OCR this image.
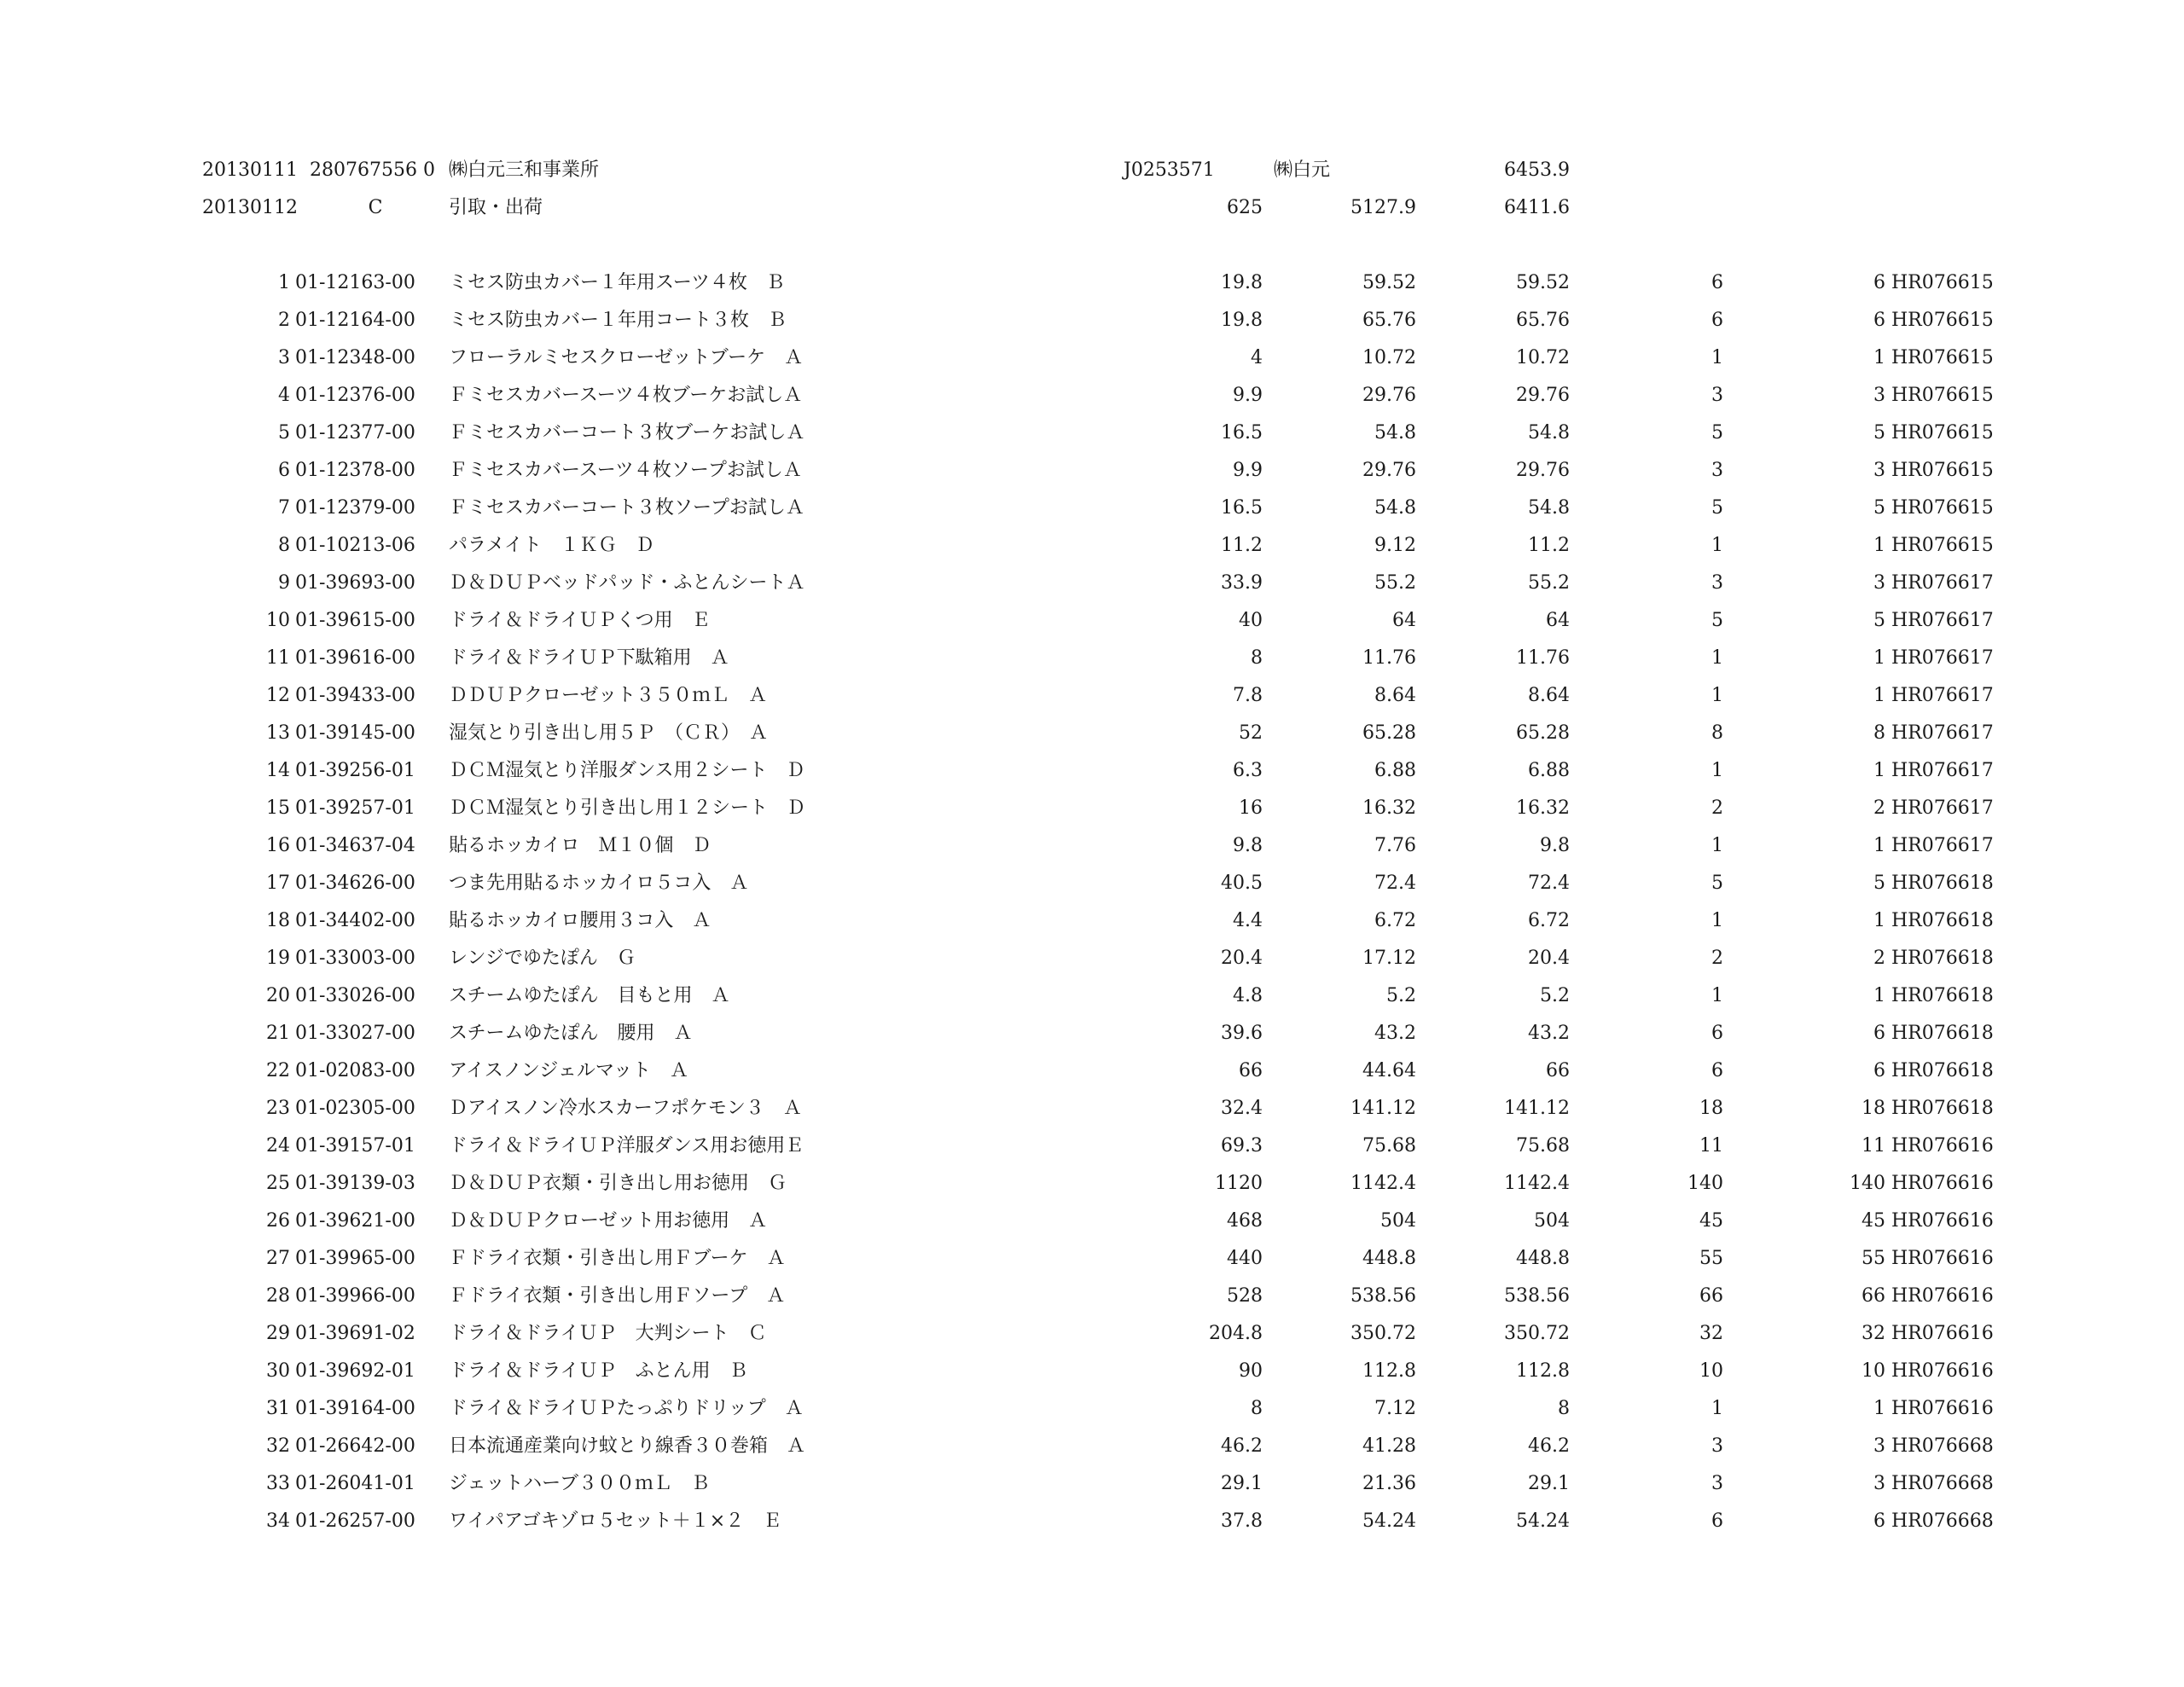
20130111 280767556 0 ㈱白元三和事業所	J0253571	㈱白元	6453.9
20130112	C	引取・出荷	625	5127.9	6411.6
1 01-12163-00 ミセス防虫カバー１年用スーツ４枚　Ｂ	19.8	59.52	59.52	6	6 HR076615
2 01-12164-00 ミセス防虫カバー１年用コート３枚　Ｂ	19.8	65.76	65.76	6	6 HR076615
3 01-12348-00 フローラルミセスクローゼットブーケ　Ａ	4	10.72	10.72	1	1 HR076615
4 01-12376-00 Ｆミセスカバースーツ４枚ブーケお試しＡ	9.9	29.76	29.76	3	3 HR076615
5 01-12377-00 Ｆミセスカバーコート３枚ブーケお試しＡ	16.5	54.8	54.8	5	5 HR076615
6 01-12378-00 Ｆミセスカバースーツ４枚ソープお試しＡ	9.9	29.76	29.76	3	3 HR076615
7 01-12379-00 Ｆミセスカバーコート３枚ソープお試しＡ	16.5	54.8	54.8	5	5 HR076615
8 01-10213-06 パラメイト　１ＫＧ　Ｄ	11.2	9.12	11.2	1	1 HR076615
9 01-39693-00 Ｄ＆ＤＵＰベッドパッド・ふとんシートＡ	33.9	55.2	55.2	3	3 HR076617
10 01-39615-00 ドライ＆ドライＵＰくつ用　Ｅ	40	64	64	5	5 HR076617
11 01-39616-00 ドライ＆ドライＵＰ下駄箱用　Ａ	8	11.76	11.76	1	1 HR076617
12 01-39433-00 ＤＤＵＰクローゼット３５０ｍＬ　Ａ	7.8	8.64	8.64	1	1 HR076617
13 01-39145-00 湿気とり引き出し用５Ｐ　（ＣＲ）　Ａ	52	65.28	65.28	8	8 HR076617
14 01-39256-01 ＤＣＭ湿気とり洋服ダンス用２シート　Ｄ	6.3	6.88	6.88	1	1 HR076617
15 01-39257-01 ＤＣＭ湿気とり引き出し用１２シート　Ｄ	16	16.32	16.32	2	2 HR076617
16 01-34637-04 貼るホッカイロ　Ｍ１０個　Ｄ	9.8	7.76	9.8	1	1 HR076617
17 01-34626-00 つま先用貼るホッカイロ５コ入　Ａ	40.5	72.4	72.4	5	5 HR076618
18 01-34402-00 貼るホッカイロ腰用３コ入　Ａ	4.4	6.72	6.72	1	1 HR076618
19 01-33003-00 レンジでゆたぽん　Ｇ	20.4	17.12	20.4	2	2 HR076618
20 01-33026-00 スチームゆたぽん　目もと用　Ａ	4.8	5.2	5.2	1	1 HR076618
21 01-33027-00 スチームゆたぽん　腰用　Ａ	39.6	43.2	43.2	6	6 HR076618
22 01-02083-00 アイスノンジェルマット　Ａ	66	44.64	66	6	6 HR076618
23 01-02305-00 Ｄアイスノン冷水スカーフポケモン３　Ａ	32.4	141.12	141.12	18	18 HR076618
24 01-39157-01 ドライ＆ドライＵＰ洋服ダンス用お徳用Ｅ	69.3	75.68	75.68	11	11 HR076616
25 01-39139-03 Ｄ＆ＤＵＰ衣類・引き出し用お徳用　Ｇ	1120	1142.4	1142.4	140	140 HR076616
26 01-39621-00 Ｄ＆ＤＵＰクローゼット用お徳用　Ａ	468	504	504	45	45 HR076616
27 01-39965-00 Ｆドライ衣類・引き出し用Ｆブーケ　Ａ	440	448.8	448.8	55	55 HR076616
28 01-39966-00 Ｆドライ衣類・引き出し用Ｆソープ　Ａ	528	538.56	538.56	66	66 HR076616
29 01-39691-02 ドライ＆ドライＵＰ　大判シート　Ｃ	204.8	350.72	350.72	32	32 HR076616
30 01-39692-01 ドライ＆ドライＵＰ　ふとん用　Ｂ	90	112.8	112.8	10	10 HR076616
31 01-39164-00 ドライ＆ドライＵＰたっぷりドリップ　Ａ	8	7.12	8	1	1 HR076616
32 01-26642-00 日本流通産業向け蚊とり線香３０巻箱　Ａ	46.2	41.28	46.2	3	3 HR076668
33 01-26041-01 ジェットハーブ３００ｍＬ　Ｂ	29.1	21.36	29.1	3	3 HR076668
34 01-26257-00 ワイパアゴキゾロ５セット＋１×２　Ｅ	37.8	54.24	54.24	6	6 HR076668
